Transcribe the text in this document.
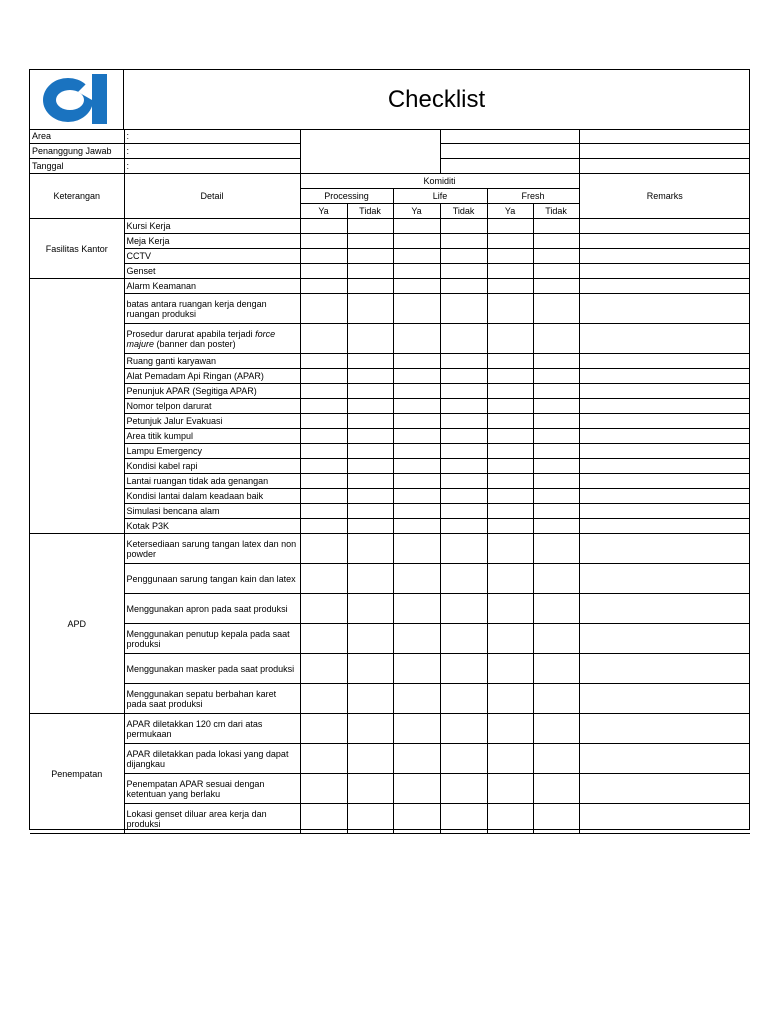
Checklist
Area	:							
Penanggung Jawab	:							
Tanggal	:							
Keterangan	Detail	Komiditi						Remarks
		Processing		Life		Fresh		
		Ya	Tidak	Ya	Tidak	Ya	Tidak	
Fasilitas Kantor	Kursi Kerja							
	Meja Kerja							
	CCTV							
	Genset							
	Alarm Keamanan							
	batas antara ruangan kerja dengan ruangan produksi							
	Prosedur darurat apabila terjadi force majure (banner dan poster)							
	Ruang ganti karyawan							
	Alat Pemadam Api Ringan (APAR)							
	Penunjuk APAR (Segitiga APAR)							
	Nomor telpon darurat							
	Petunjuk Jalur Evakuasi							
	Area titik kumpul							
	Lampu Emergency							
	Kondisi kabel rapi							
	Lantai ruangan tidak ada genangan							
	Kondisi lantai dalam keadaan baik							
	Simulasi bencana alam							
	Kotak P3K							
APD	Ketersediaan sarung tangan latex dan non powder							
	Penggunaan sarung tangan kain dan latex							
	Menggunakan apron pada saat produksi							
	Menggunakan penutup kepala pada saat produksi							
	Menggunakan masker pada saat produksi							
	Menggunakan sepatu berbahan karet pada saat produksi							
Penempatan	APAR diletakkan 120 cm dari atas permukaan							
	APAR diletakkan pada lokasi yang dapat dijangkau							
	Penempatan APAR sesuai dengan ketentuan yang berlaku							
	Lokasi genset diluar area kerja dan produksi							
